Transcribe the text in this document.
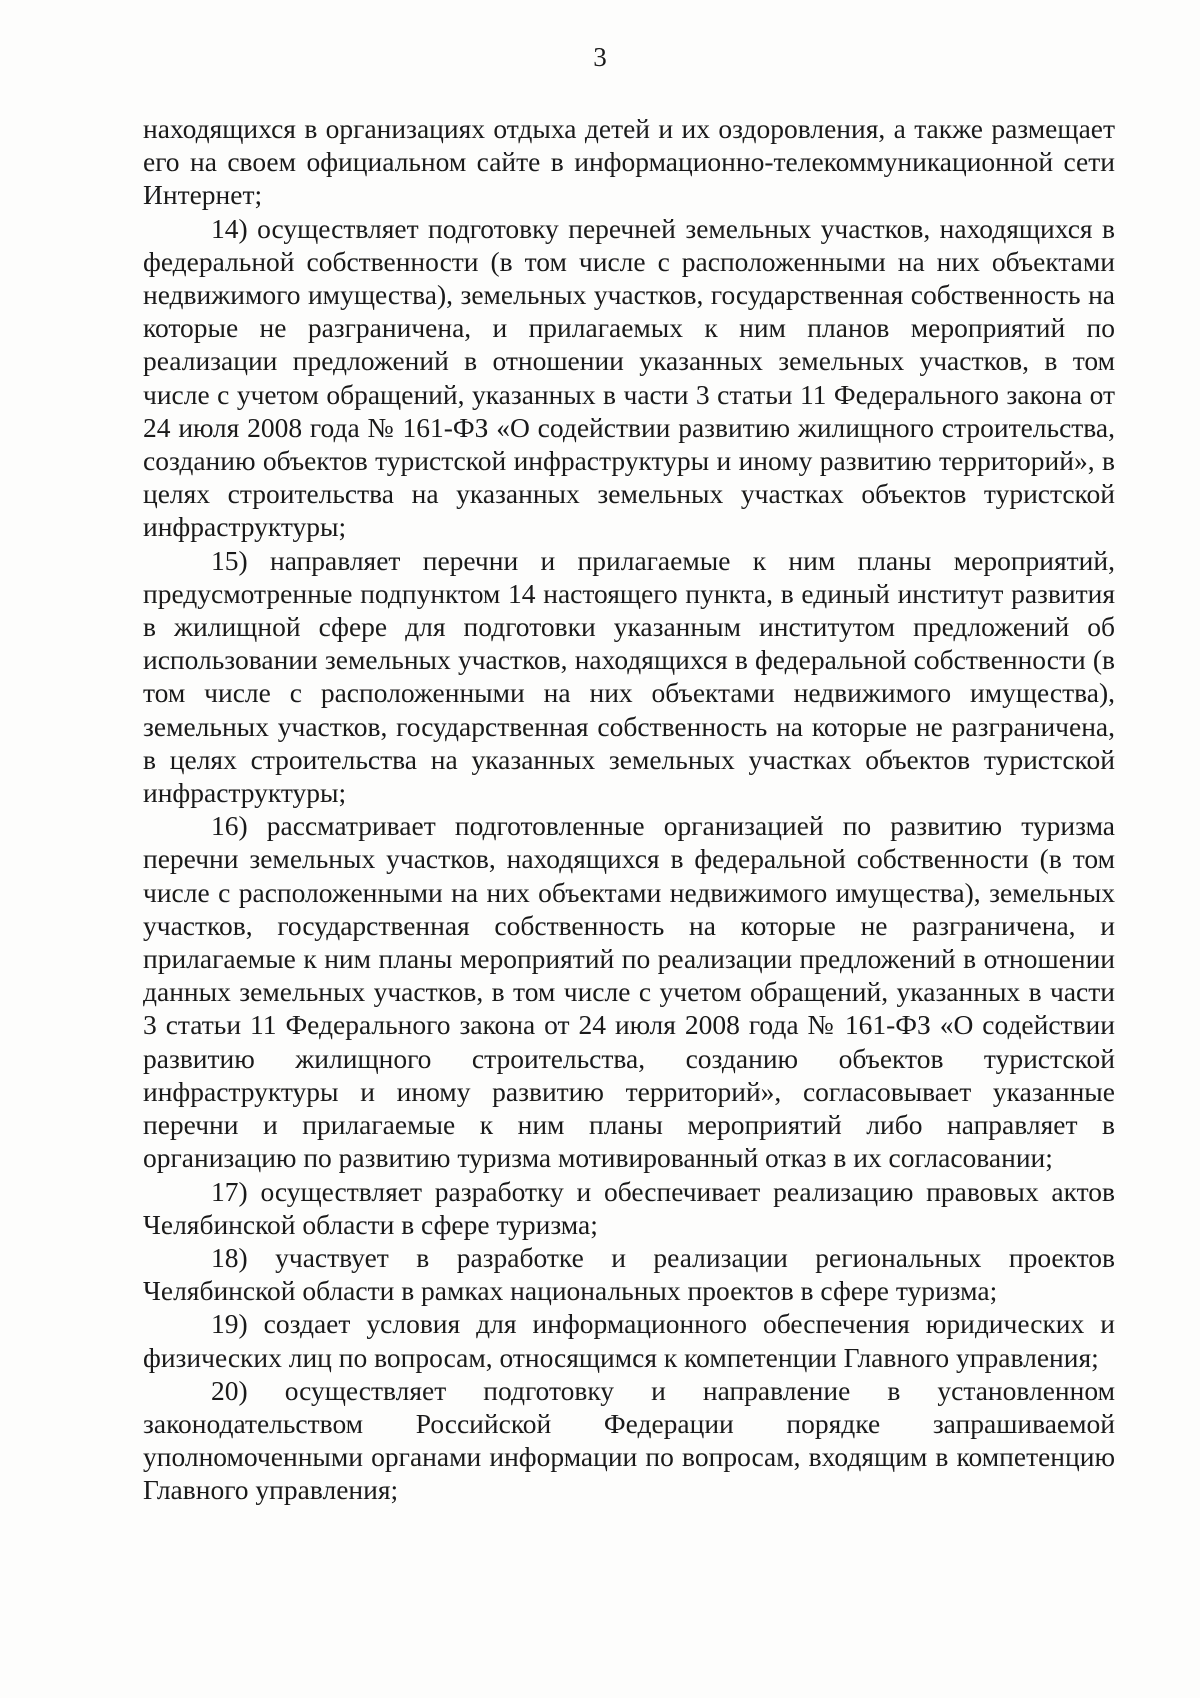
3

находящихся в организациях отдыха детей и их оздоровления, а также размещает его на своем официальном сайте в информационно-телекоммуникационной сети Интернет;

14) осуществляет подготовку перечней земельных участков, находящихся в федеральной собственности (в том числе с расположенными на них объектами недвижимого имущества), земельных участков, государственная собственность на которые не разграничена, и прилагаемых к ним планов мероприятий по реализации предложений в отношении указанных земельных участков, в том числе с учетом обращений, указанных в части 3 статьи 11 Федерального закона от 24 июля 2008 года № 161-ФЗ «О содействии развитию жилищного строительства, созданию объектов туристской инфраструктуры и иному развитию территорий», в целях строительства на указанных земельных участках объектов туристской инфраструктуры;

15) направляет перечни и прилагаемые к ним планы мероприятий, предусмотренные подпунктом 14 настоящего пункта, в единый институт развития в жилищной сфере для подготовки указанным институтом предложений об использовании земельных участков, находящихся в федеральной собственности (в том числе с расположенными на них объектами недвижимого имущества), земельных участков, государственная собственность на которые не разграничена, в целях строительства на указанных земельных участках объектов туристской инфраструктуры;

16) рассматривает подготовленные организацией по развитию туризма перечни земельных участков, находящихся в федеральной собственности (в том числе с расположенными на них объектами недвижимого имущества), земельных участков, государственная собственность на которые не разграничена, и прилагаемые к ним планы мероприятий по реализации предложений в отношении данных земельных участков, в том числе с учетом обращений, указанных в части 3 статьи 11 Федерального закона от 24 июля 2008 года № 161-ФЗ «О содействии развитию жилищного строительства, созданию объектов туристской инфраструктуры и иному развитию территорий», согласовывает указанные перечни и прилагаемые к ним планы мероприятий либо направляет в организацию по развитию туризма мотивированный отказ в их согласовании;

17) осуществляет разработку и обеспечивает реализацию правовых актов Челябинской области в сфере туризма;

18) участвует в разработке и реализации региональных проектов Челябинской области в рамках национальных проектов в сфере туризма;

19) создает условия для информационного обеспечения юридических и физических лиц по вопросам, относящимся к компетенции Главного управления;

20) осуществляет подготовку и направление в установленном законодательством Российской Федерации порядке запрашиваемой уполномоченными органами информации по вопросам, входящим в компетенцию Главного управления;
